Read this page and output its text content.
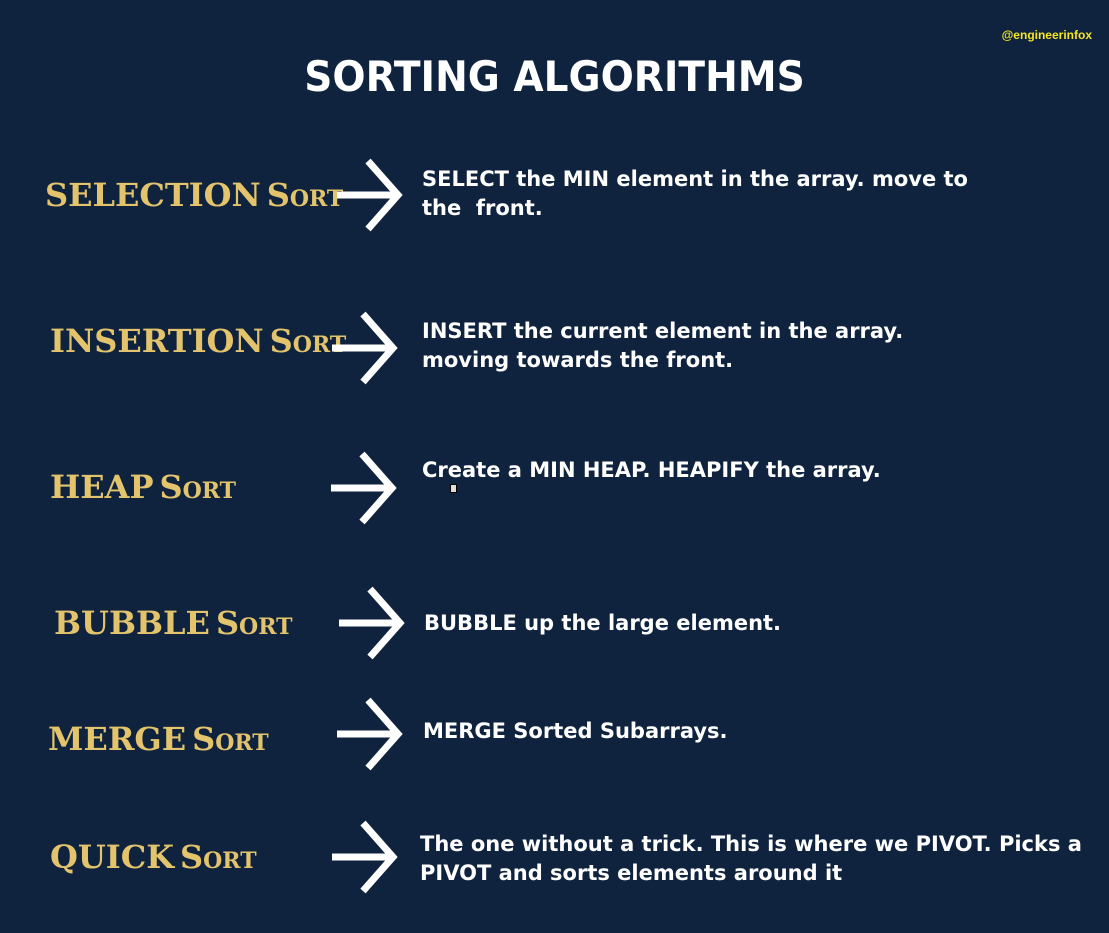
@engineerinfox
SORTING ALGORITHMS
SELECTION Sort	SELECT the MIN element in the array. move to
the  front.
INSERTION Sort	INSERT the current element in the array.
moving towards the front.
HEAP Sort	Create a MIN HEAP. HEAPIFY the array.
BUBBLE Sort	BUBBLE up the large element.
MERGE Sort	MERGE Sorted Subarrays.
QUICK Sort	The one without a trick. This is where we PIVOT. Picks a
PIVOT and sorts elements around it
